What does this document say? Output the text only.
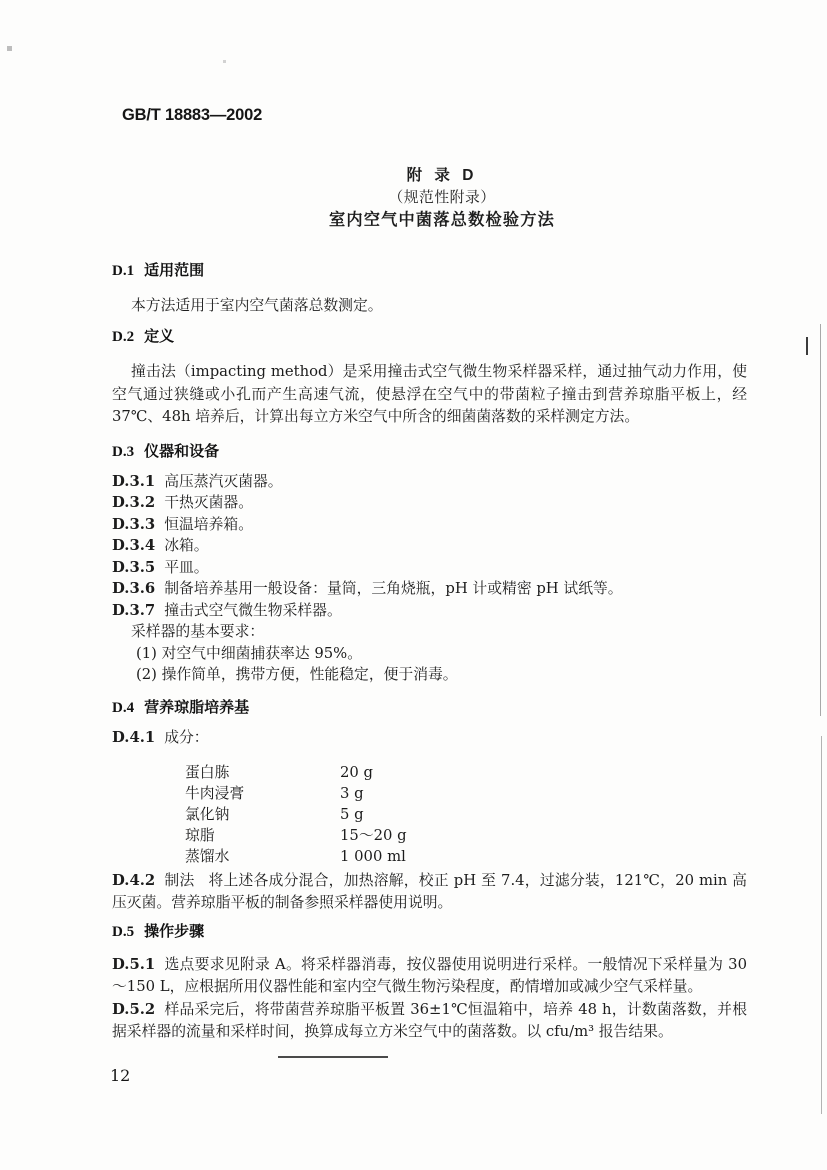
GB/T 18883—2002
附 录 D
（规范性附录）
室内空气中菌落总数检验方法
D.1 适用范围

本方法适用于室内空气菌落总数测定。

D.2 定义

撞击法（impacting method）是采用撞击式空气微生物采样器采样，通过抽气动力作用，使空气通过狭缝或小孔而产生高速气流，使悬浮在空气中的带菌粒子撞击到营养琼脂平板上，经 37℃、48h 培养后，计算出每立方米空气中所含的细菌菌落数的采样测定方法。

D.3 仪器和设备
D.3.1 高压蒸汽灭菌器。
D.3.2 干热灭菌器。
D.3.3 恒温培养箱。
D.3.4 冰箱。
D.3.5 平皿。
D.3.6 制备培养基用一般设备：量筒，三角烧瓶，pH 计或精密 pH 试纸等。
D.3.7 撞击式空气微生物采样器。
采样器的基本要求：
(1) 对空气中细菌捕获率达 95%。
(2) 操作简单，携带方便，性能稳定，便于消毒。
D.4 营养琼脂培养基
D.4.1 成分：
蛋白胨	20 g
牛肉浸膏	3 g
氯化钠	5 g
琼脂	15～20 g
蒸馏水	1 000 ml

D.4.2 制法 将上述各成分混合，加热溶解，校正 pH 至 7.4，过滤分装，121℃，20 min 高压灭菌。营养琼脂平板的制备参照采样器使用说明。

D.5 操作步骤

D.5.1 选点要求见附录 A。将采样器消毒，按仪器使用说明进行采样。一般情况下采样量为 30～150 L，应根据所用仪器性能和室内空气微生物污染程度，酌情增加或减少空气采样量。

D.5.2 样品采完后，将带菌营养琼脂平板置 36±1℃恒温箱中，培养 48 h，计数菌落数，并根据采样器的流量和采样时间，换算成每立方米空气中的菌落数。以 cfu/m³ 报告结果。

12
